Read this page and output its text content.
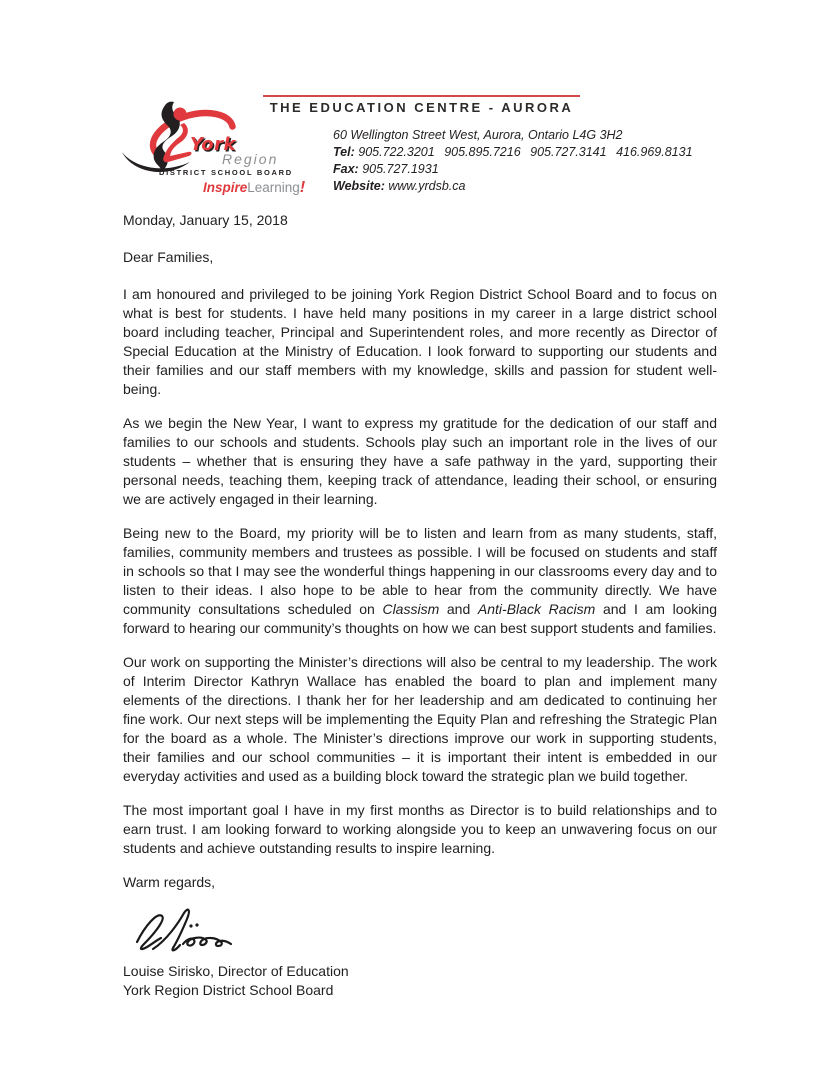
York
Region
DISTRICT SCHOOL BOARD
InspireLearning!
THE EDUCATION CENTRE - AURORA
60 Wellington Street West, Aurora, Ontario L4G 3H2
Tel: 905.722.3201 905.895.7216 905.727.3141 416.969.8131
Fax: 905.727.1931
Website: www.yrdsb.ca

Monday, January 15, 2018

Dear Families,

I am honoured and privileged to be joining York Region District School Board and to focus on what is best for students. I have held many positions in my career in a large district school board including teacher, Principal and Superintendent roles, and more recently as Director of Special Education at the Ministry of Education. I look forward to supporting our students and their families and our staff members with my knowledge, skills and passion for student well-being.

As we begin the New Year, I want to express my gratitude for the dedication of our staff and families to our schools and students. Schools play such an important role in the lives of our students – whether that is ensuring they have a safe pathway in the yard, supporting their personal needs, teaching them, keeping track of attendance, leading their school, or ensuring we are actively engaged in their learning.

Being new to the Board, my priority will be to listen and learn from as many students, staff, families, community members and trustees as possible. I will be focused on students and staff in schools so that I may see the wonderful things happening in our classrooms every day and to listen to their ideas. I also hope to be able to hear from the community directly. We have community consultations scheduled on Classism and Anti-Black Racism and I am looking forward to hearing our community’s thoughts on how we can best support students and families.

Our work on supporting the Minister’s directions will also be central to my leadership. The work of Interim Director Kathryn Wallace has enabled the board to plan and implement many elements of the directions. I thank her for her leadership and am dedicated to continuing her fine work. Our next steps will be implementing the Equity Plan and refreshing the Strategic Plan for the board as a whole. The Minister’s directions improve our work in supporting students, their families and our school communities – it is important their intent is embedded in our everyday activities and used as a building block toward the strategic plan we build together.

The most important goal I have in my first months as Director is to build relationships and to earn trust. I am looking forward to working alongside you to keep an unwavering focus on our students and achieve outstanding results to inspire learning.

Warm regards,

Louise Sirisko, Director of Education

York Region District School Board
